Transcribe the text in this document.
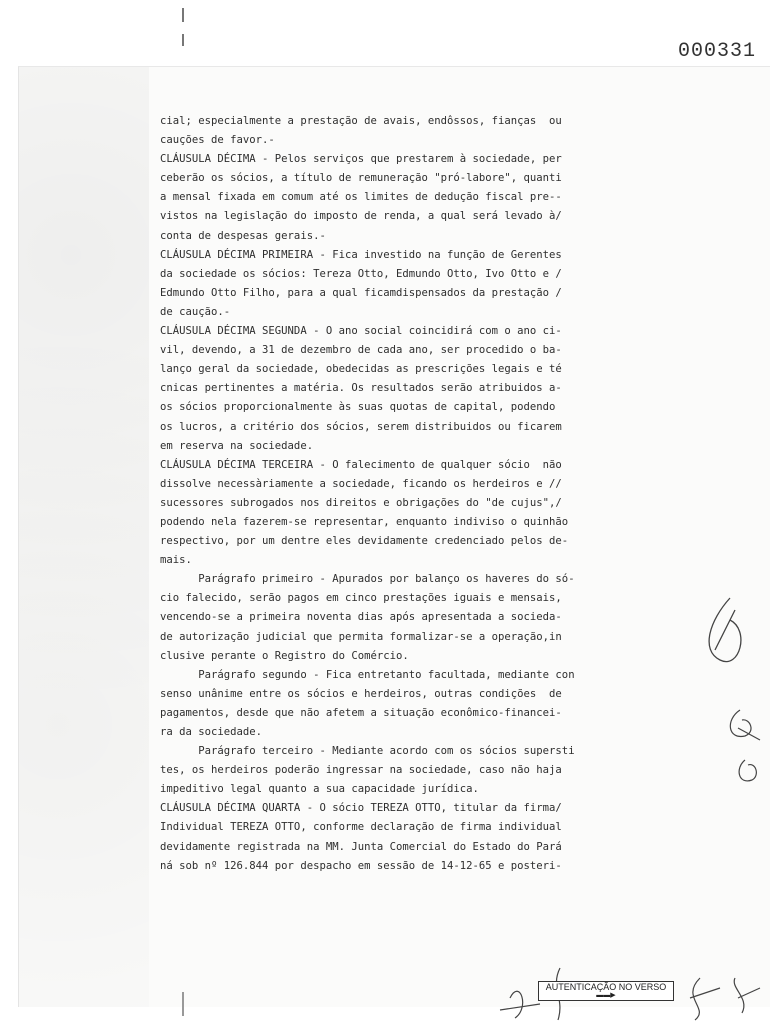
000331
cial; especialmente a prestação de avais, endôssos, fianças  ou
cauções de favor.-
CLÁUSULA DÉCIMA - Pelos serviços que prestarem à sociedade, per
ceberão os sócios, a título de remuneração "pró-labore", quanti
a mensal fixada em comum até os limites de dedução fiscal pre--
vistos na legislação do imposto de renda, a qual será levado à/
conta de despesas gerais.-
CLÁUSULA DÉCIMA PRIMEIRA - Fica investido na função de Gerentes
da sociedade os sócios: Tereza Otto, Edmundo Otto, Ivo Otto e /
Edmundo Otto Filho, para a qual ficamdispensados da prestação /
de caução.-
CLÁUSULA DÉCIMA SEGUNDA - O ano social coincidirá com o ano ci-
vil, devendo, a 31 de dezembro de cada ano, ser procedido o ba-
lanço geral da sociedade, obedecidas as prescrições legais e té
cnicas pertinentes a matéria. Os resultados serão atribuidos a-
os sócios proporcionalmente às suas quotas de capital, podendo
os lucros, a critério dos sócios, serem distribuidos ou ficarem
em reserva na sociedade.
CLÁUSULA DÉCIMA TERCEIRA - O falecimento de qualquer sócio  não
dissolve necessàriamente a sociedade, ficando os herdeiros e //
sucessores subrogados nos direitos e obrigações do "de cujus",/
podendo nela fazerem-se representar, enquanto indiviso o quinhão
respectivo, por um dentre eles devidamente credenciado pelos de-
mais.
Parágrafo primeiro - Apurados por balanço os haveres do só-
cio falecido, serão pagos em cinco prestações iguais e mensais,
vencendo-se a primeira noventa dias após apresentada a socieda-
de autorização judicial que permita formalizar-se a operação,in
clusive perante o Registro do Comércio.
Parágrafo segundo - Fica entretanto facultada, mediante con
senso unânime entre os sócios e herdeiros, outras condições  de
pagamentos, desde que não afetem a situação econômico-financei-
ra da sociedade.
Parágrafo terceiro - Mediante acordo com os sócios supersti
tes, os herdeiros poderão ingressar na sociedade, caso não haja
impeditivo legal quanto a sua capacidade jurídica.
CLÁUSULA DÉCIMA QUARTA - O sócio TEREZA OTTO, titular da firma/
Individual TEREZA OTTO, conforme declaração de firma individual
devidamente registrada na MM. Junta Comercial do Estado do Pará
ná sob nº 126.844 por despacho em sessão de 14-12-65 e posteri-
AUTENTICAÇÃO NO VERSO
▬▬▶
